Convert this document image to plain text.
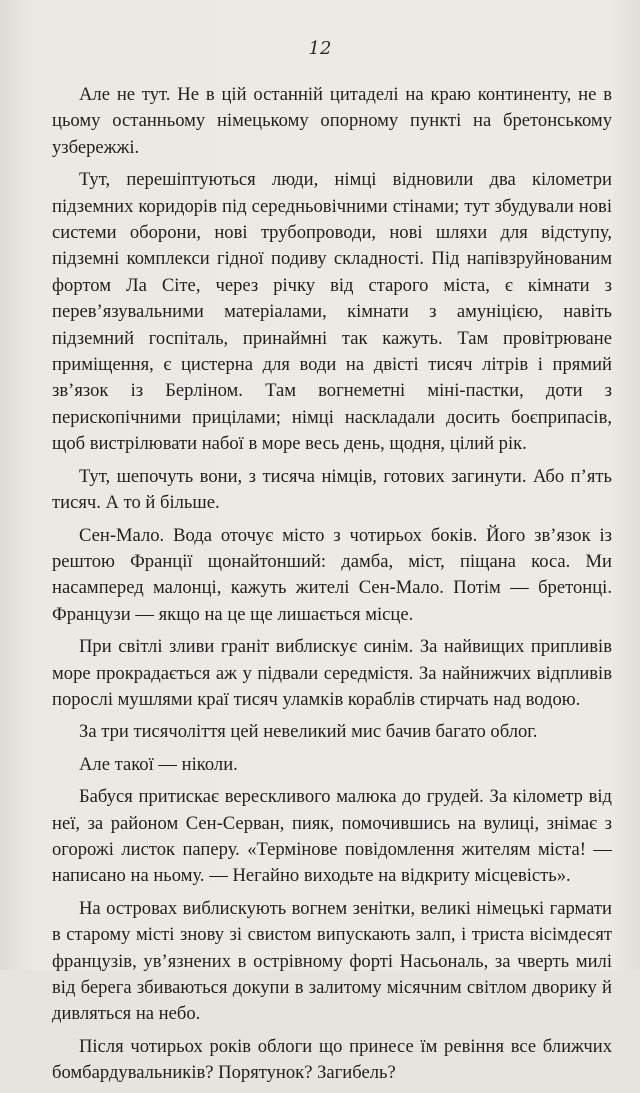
12

Але не тут. Не в цій останній цитаделі на краю континенту, не в цьому останньому німецькому опорному пункті на бретонському узбережжі.

Тут, перешіптуються люди, німці відновили два кілометри підземних коридорів під середньовічними стінами; тут збудували нові системи оборони, нові трубопроводи, нові шляхи для відступу, підземні комплекси гідної подиву складності. Під напівзруйнованим фортом Ла Сіте, через річку від старого міста, є кімнати з перев’язувальними матеріалами, кімнати з амуніцією, навіть підземний госпіталь, принаймні так кажуть. Там провітрюване приміщення, є цистерна для води на двісті тисяч літрів і прямий зв’язок із Берліном. Там вогнеметні міні-пастки, доти з перископічними прицілами; німці наскладали досить боєприпасів, щоб вистрілювати набої в море весь день, щодня, цілий рік.

Тут, шепочуть вони, з тисяча німців, готових загинути. Або п’ять тисяч. А то й більше.

Сен-Мало. Вода оточує місто з чотирьох боків. Його зв’язок із рештою Франції щонайтонший: дамба, міст, піщана коса. Ми насамперед малонці, кажуть жителі Сен-Мало. Потім — бретонці. Французи — якщо на це ще лишається місце.

При світлі зливи граніт виблискує синім. За найвищих припливів море прокрадається аж у підвали середмістя. За найнижчих відпливів порослі мушлями краї тисяч уламків кораблів стирчать над водою.

За три тисячоліття цей невеликий мис бачив багато облог.

Але такої — ніколи.

Бабуся притискає верескливого малюка до грудей. За кілометр від неї, за районом Сен-Серван, пияк, помочившись на вулиці, знімає з огорожі листок паперу. «Термінове повідомлення жителям міста! — написано на ньому. — Негайно виходьте на відкриту місцевість».

На островах виблискують вогнем зенітки, великі німецькі гармати в старому місті знову зі свистом випускають залп, і триста вісімдесят французів, ув’язнених в острівному форті Насьональ, за чверть милі від берега збиваються докупи в залитому місячним світлом дворику й дивляться на небо.

Після чотирьох років облоги що принесе їм ревіння все ближчих бомбардувальників? Порятунок? Загибель?
